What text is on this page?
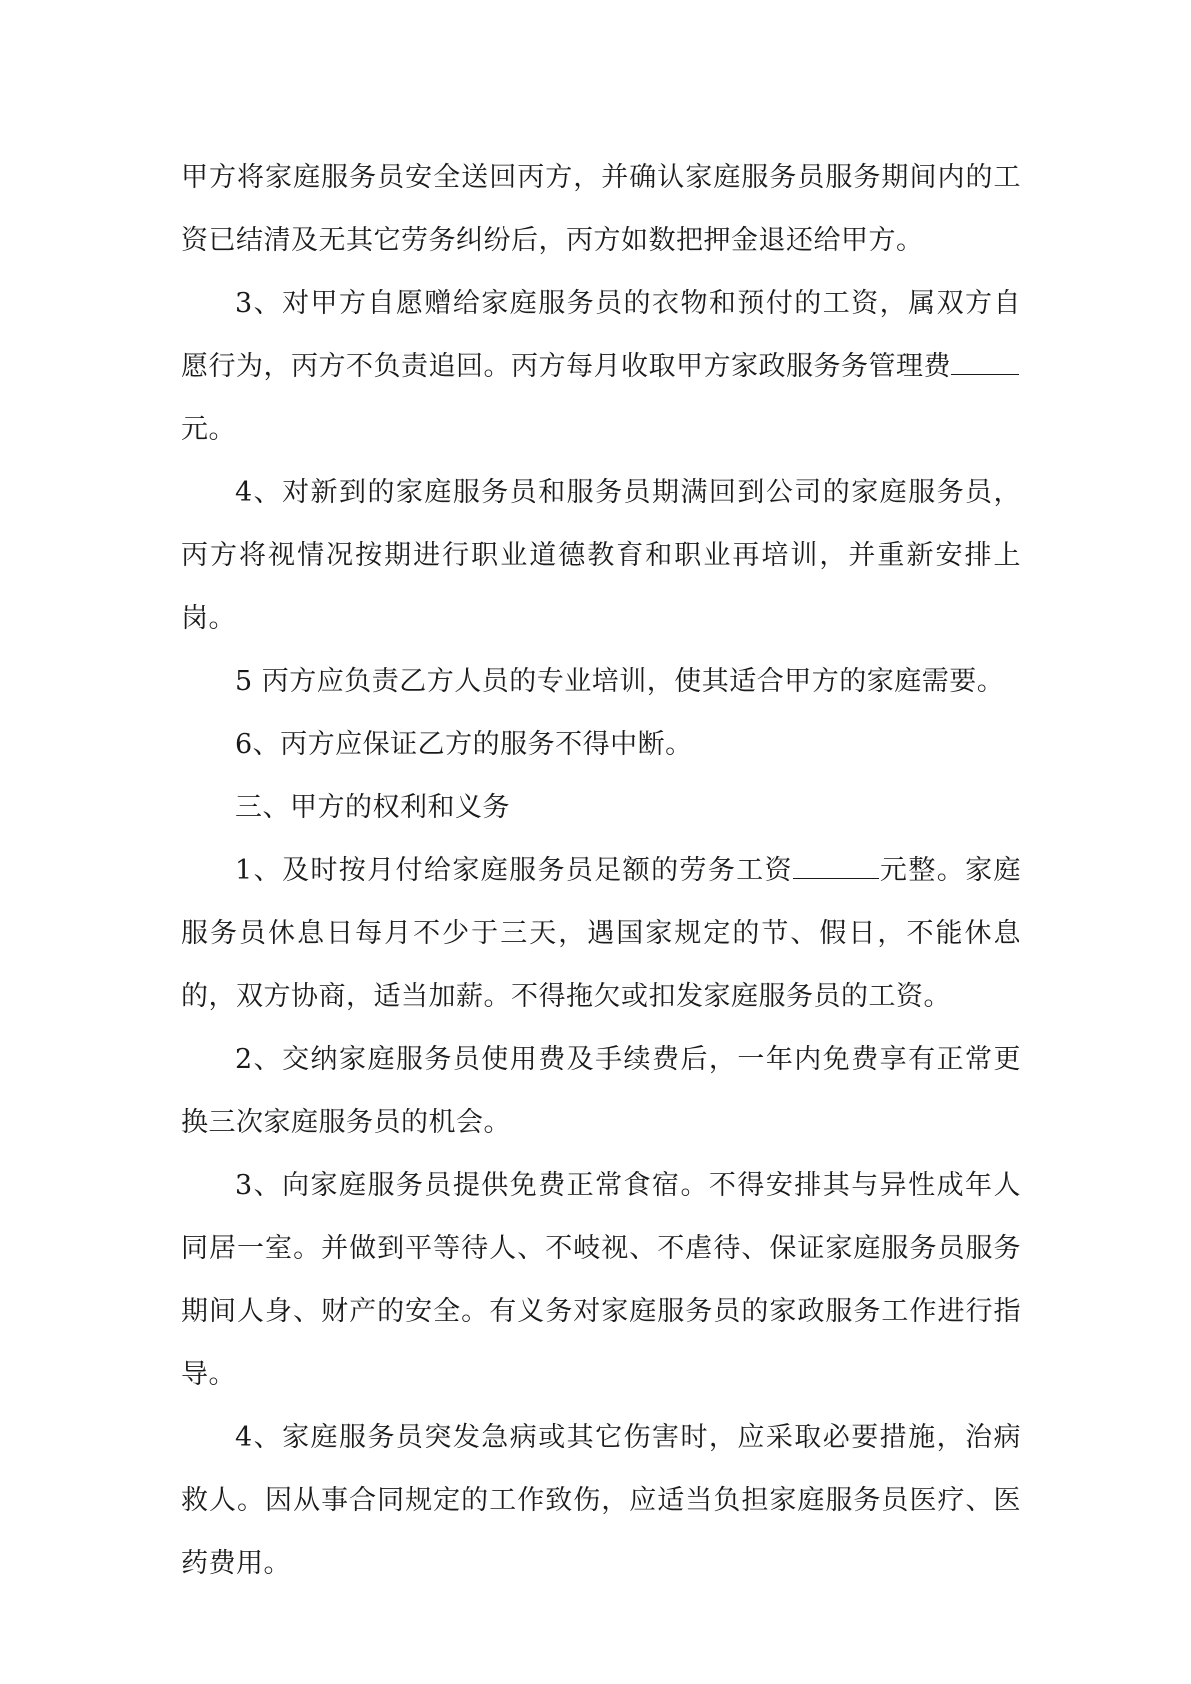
甲方将家庭服务员安全送回丙方，并确认家庭服务员服务期间内的工资已结清及无其它劳务纠纷后，丙方如数把押金退还给甲方。

3、对甲方自愿赠给家庭服务员的衣物和预付的工资，属双方自愿行为，丙方不负责追回。丙方每月收取甲方家政服务务管理费
元。

4、对新到的家庭服务员和服务员期满回到公司的家庭服务员，丙方将视情况按期进行职业道德教育和职业再培训，并重新安排上岗。

5 丙方应负责乙方人员的专业培训，使其适合甲方的家庭需要。

6、丙方应保证乙方的服务不得中断。

三、甲方的权利和义务

1、及时按月付给家庭服务员足额的劳务工资	元整。家庭服务员休息日每月不少于三天，遇国家规定的节、假日，不能休息的，双方协商，适当加薪。不得拖欠或扣发家庭服务员的工资。

2、交纳家庭服务员使用费及手续费后，一年内免费享有正常更换三次家庭服务员的机会。

3、向家庭服务员提供免费正常食宿。不得安排其与异性成年人同居一室。并做到平等待人、不岐视、不虐待、保证家庭服务员服务期间人身、财产的安全。有义务对家庭服务员的家政服务工作进行指导。

4、家庭服务员突发急病或其它伤害时，应采取必要措施，治病救人。因从事合同规定的工作致伤，应适当负担家庭服务员医疗、医药费用。
